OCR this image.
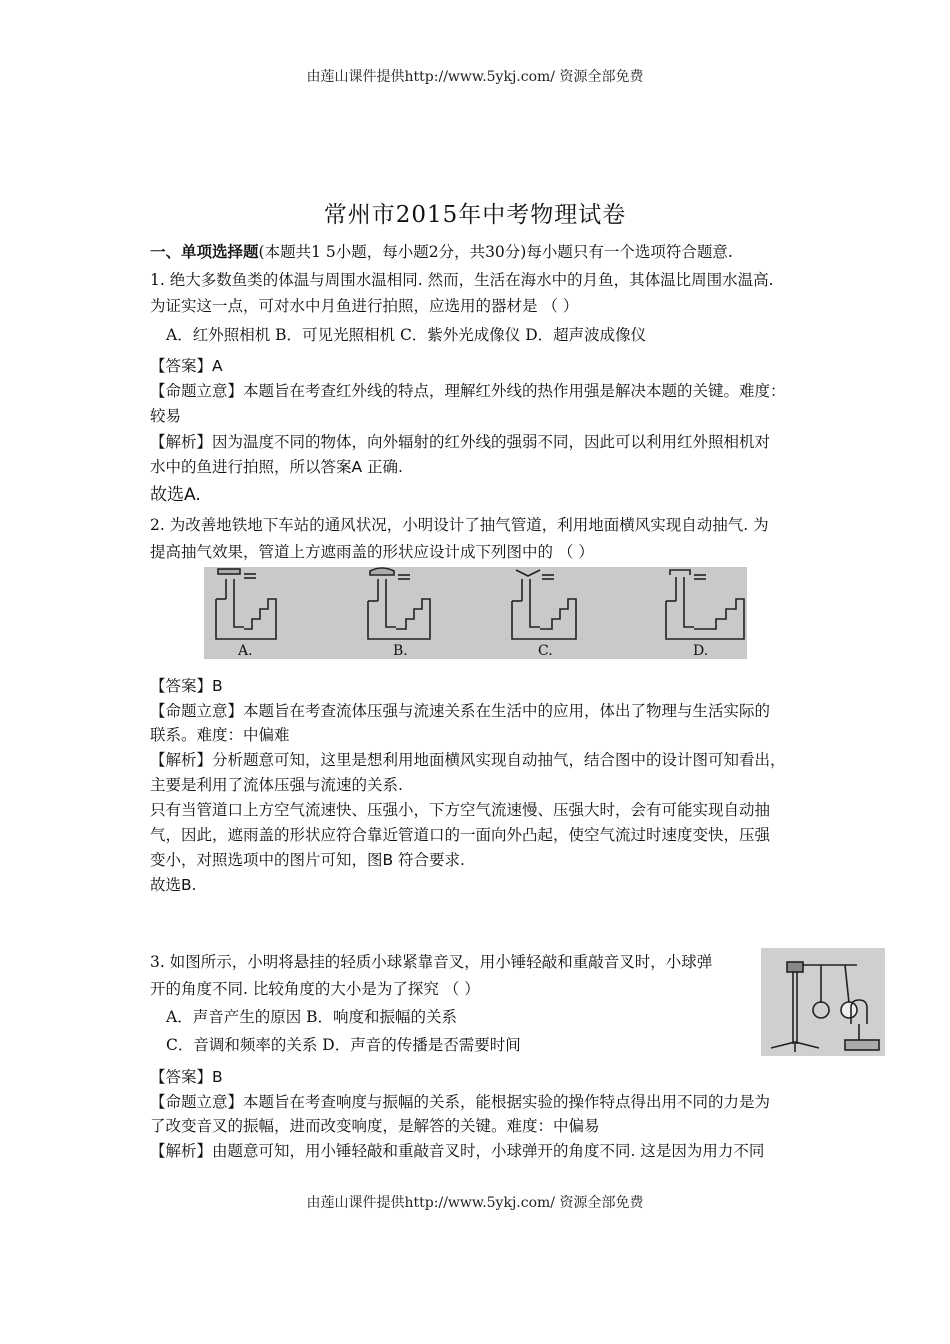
由莲山课件提供http://www.5ykj.com/ 资源全部免费
常州市2015年中考物理试卷
一、单项选择题(本题共1 5小题，每小题2分，共30分)每小题只有一个选项符合题意.
1. 绝大多数鱼类的体温与周围水温相同. 然而，生活在海水中的月鱼，其体温比周围水温高.
为证实这一点，可对水中月鱼进行拍照，应选用的器材是 （ ）
A．红外照相机 B．可见光照相机 C．紫外光成像仪 D．超声波成像仪
【答案】A
【命题立意】本题旨在考查红外线的特点，理解红外线的热作用强是解决本题的关键。难度：
较易
【解析】因为温度不同的物体，向外辐射的红外线的强弱不同，因此可以利用红外照相机对
水中的鱼进行拍照，所以答案A 正确.
故选A.
2. 为改善地铁地下车站的通风状况，小明设计了抽气管道，利用地面横风实现自动抽气. 为
提高抽气效果，管道上方遮雨盖的形状应设计成下列图中的 （ ）
A.	B.	C.	D.
【答案】B
【命题立意】本题旨在考查流体压强与流速关系在生活中的应用，体出了物理与生活实际的
联系。难度：中偏难
【解析】分析题意可知，这里是想利用地面横风实现自动抽气，结合图中的设计图可知看出，
主要是利用了流体压强与流速的关系.
只有当管道口上方空气流速快、压强小，下方空气流速慢、压强大时，会有可能实现自动抽
气，因此，遮雨盖的形状应符合靠近管道口的一面向外凸起，使空气流过时速度变快，压强
变小，对照选项中的图片可知，图B 符合要求.
故选B.
3. 如图所示，小明将悬挂的轻质小球紧靠音叉，用小锤轻敲和重敲音叉时，小球弹
开的角度不同. 比较角度的大小是为了探究 （ ）
A．声音产生的原因 B．响度和振幅的关系
C．音调和频率的关系 D．声音的传播是否需要时间
【答案】B
【命题立意】本题旨在考查响度与振幅的关系，能根据实验的操作特点得出用不同的力是为
了改变音叉的振幅，进而改变响度，是解答的关键。难度：中偏易
【解析】由题意可知，用小锤轻敲和重敲音叉时，小球弹开的角度不同. 这是因为用力不同
由莲山课件提供http://www.5ykj.com/ 资源全部免费
